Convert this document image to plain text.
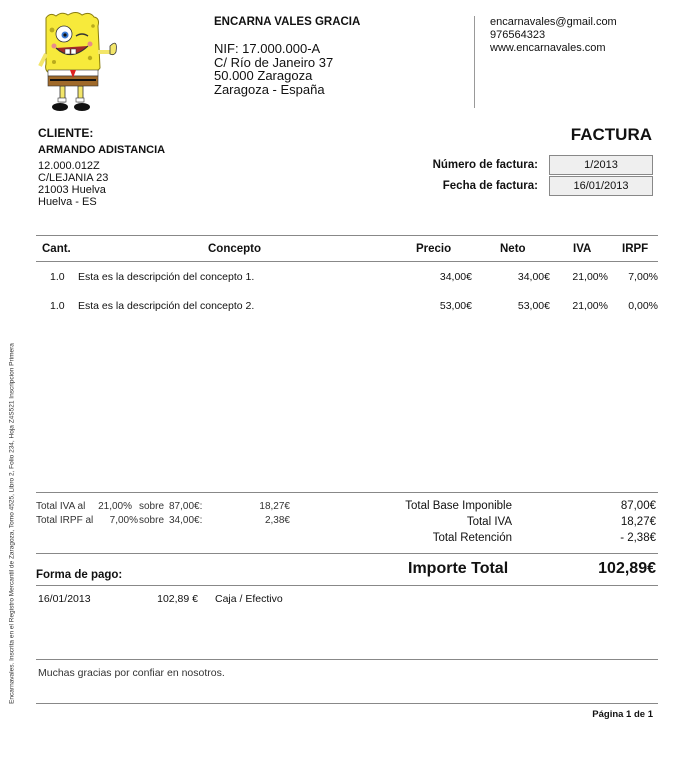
ENCARNA VALES GRACIA
NIF: 17.000.000-A
C/ Río de Janeiro 37
50.000 Zaragoza
Zaragoza - España
encarnavales@gmail.com
976564323
www.encarnavales.com
CLIENTE:
ARMANDO ADISTANCIA
12.000.012Z
C/LEJANIA 23
21003 Huelva
Huelva - ES
FACTURA
Número de factura:	1/2013
Fecha de factura:	16/01/2013
Cant.	Concepto	Precio	Neto	IVA	IRPF
1.0 Esta es la descripción del concepto 1.	34,00€	34,00€	21,00%	7,00%
1.0 Esta es la descripción del concepto 2.	53,00€	53,00€	21,00%	0,00%
Total IVA al	21,00% sobre 87,00€:	18,27€
Total IRPF al	7,00% sobre 34,00€:	2,38€
Total Base Imponible	87,00€
Total IVA	18,27€
Total Retención	- 2,38€
Importe Total	102,89€
Forma de pago:
16/01/2013	102,89 € Caja / Efectivo
Muchas gracias por confiar en nosotros.
Página 1 de 1
Encarnavales. Inscrita en el Registro Mercantil de Zaragoza, Tomo 4525, Libro 2, Folio 234, Hoja Z4S521 Inscripcion Primera
